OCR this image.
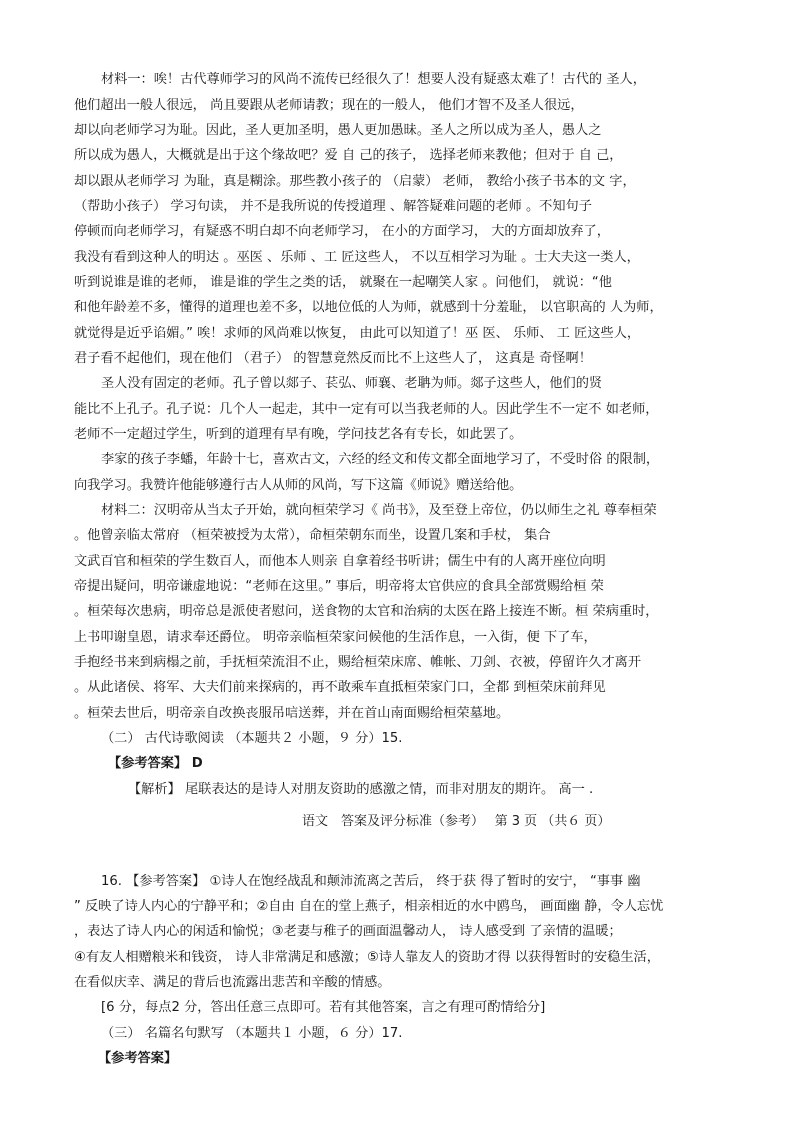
材料一：唉！古代尊师学习的风尚不流传已经很久了！想要人没有疑惑太难了！古代的 圣人，
他们超出一般人很远， 尚且要跟从老师请教；现在的一般人， 他们才智不及圣人很远，
却以向老师学习为耻。因此，圣人更加圣明，愚人更加愚昧。圣人之所以成为圣人，愚人之
所以成为愚人，大概就是出于这个缘故吧？爱 自 己的孩子， 选择老师来教他；但对于 自 己，
却以跟从老师学习 为耻，真是糊涂。那些教小孩子的 （启蒙） 老师， 教给小孩子书本的文 字，
（帮助小孩子） 学习句读， 并不是我所说的传授道理 、解答疑难问题的老师 。不知句子
停顿而向老师学习，有疑惑不明白却不向老师学习， 在小的方面学习， 大的方面却放弃了，
我没有看到这种人的明达 。巫医 、乐师 、工 匠这些人， 不以互相学习为耻 。士大夫这一类人，
听到说谁是谁的老师， 谁是谁的学生之类的话， 就聚在一起嘲笑人家 。问他们， 就说：“他
和他年龄差不多，懂得的道理也差不多，以地位低的人为师，就感到十分羞耻， 以官职高的 人为师，
就觉得是近乎谄媚。” 唉！求师的风尚难以恢复， 由此可以知道了！巫 医、 乐师、 工 匠这些人，
君子看不起他们，现在他们 （君子） 的智慧竟然反而比不上这些人了， 这真是 奇怪啊！
圣人没有固定的老师。孔子曾以郯子、苌弘、师襄、老聃为师。郯子这些人，他们的贤
能比不上孔子。孔子说：几个人一起走，其中一定有可以当我老师的人。因此学生不一定不 如老师，
老师不一定超过学生，听到的道理有早有晚，学问技艺各有专长，如此罢了。
李家的孩子李蟠，年龄十七，喜欢古文，六经的经文和传文都全面地学习了，不受时俗 的限制，
向我学习。我赞许他能够遵行古人从师的风尚，写下这篇《师说》赠送给他。
材料二：汉明帝从当太子开始，就向桓荣学习《 尚书》，及至登上帝位，仍以师生之礼 尊奉桓荣
。他曾亲临太常府 （桓荣被授为太常），命桓荣朝东而坐，设置几案和手杖， 集合
文武百官和桓荣的学生数百人，而他本人则亲 自拿着经书听讲；儒生中有的人离开座位向明
帝提出疑问，明帝谦虚地说：“老师在这里。” 事后，明帝将太官供应的食具全部赏赐给桓 荣
。桓荣每次患病，明帝总是派使者慰问，送食物的太官和治病的太医在路上接连不断。桓 荣病重时，
上书叩谢皇恩，请求奉还爵位。 明帝亲临桓荣家问候他的生活作息，一入街，便 下了车，
手抱经书来到病榻之前，手抚桓荣流泪不止，赐给桓荣床席、帷帐、刀剑、衣被，停留许久才离开
。从此诸侯、将军、大夫们前来探病的，再不敢乘车直抵桓荣家门口，全都 到桓荣床前拜见
。桓荣去世后，明帝亲自改换丧服吊唁送葬，并在首山南面赐给桓荣墓地。
（二） 古代诗歌阅读 （本题共２ 小题，９ 分）15.
【参考答案】 D
【解析】 尾联表达的是诗人对朋友资助的感激之情，而非对朋友的期许。 高一 .
语文　答案及评分标准（参考）　 第 3 页 （共６ 页）
16. 【参考答案】 ①诗人在饱经战乱和颠沛流离之苦后， 终于获 得了暂时的安宁， “事事 幽
” 反映了诗人内心的宁静平和；②自由 自在的堂上燕子，相亲相近的水中鸥鸟， 画面幽 静，令人忘忧
，表达了诗人内心的闲适和愉悦；③老妻与稚子的画面温馨动人， 诗人感受到 了亲情的温暖；
④有友人相赠粮米和钱资， 诗人非常满足和感激；⑤诗人靠友人的资助才得 以获得暂时的安稳生活，
在看似庆幸、满足的背后也流露出悲苦和辛酸的情感。
[6 分，每点2 分，答出任意三点即可。若有其他答案，言之有理可酌情给分]
（三） 名篇名句默写 （本题共１ 小题，６ 分）17.
【参考答案】
